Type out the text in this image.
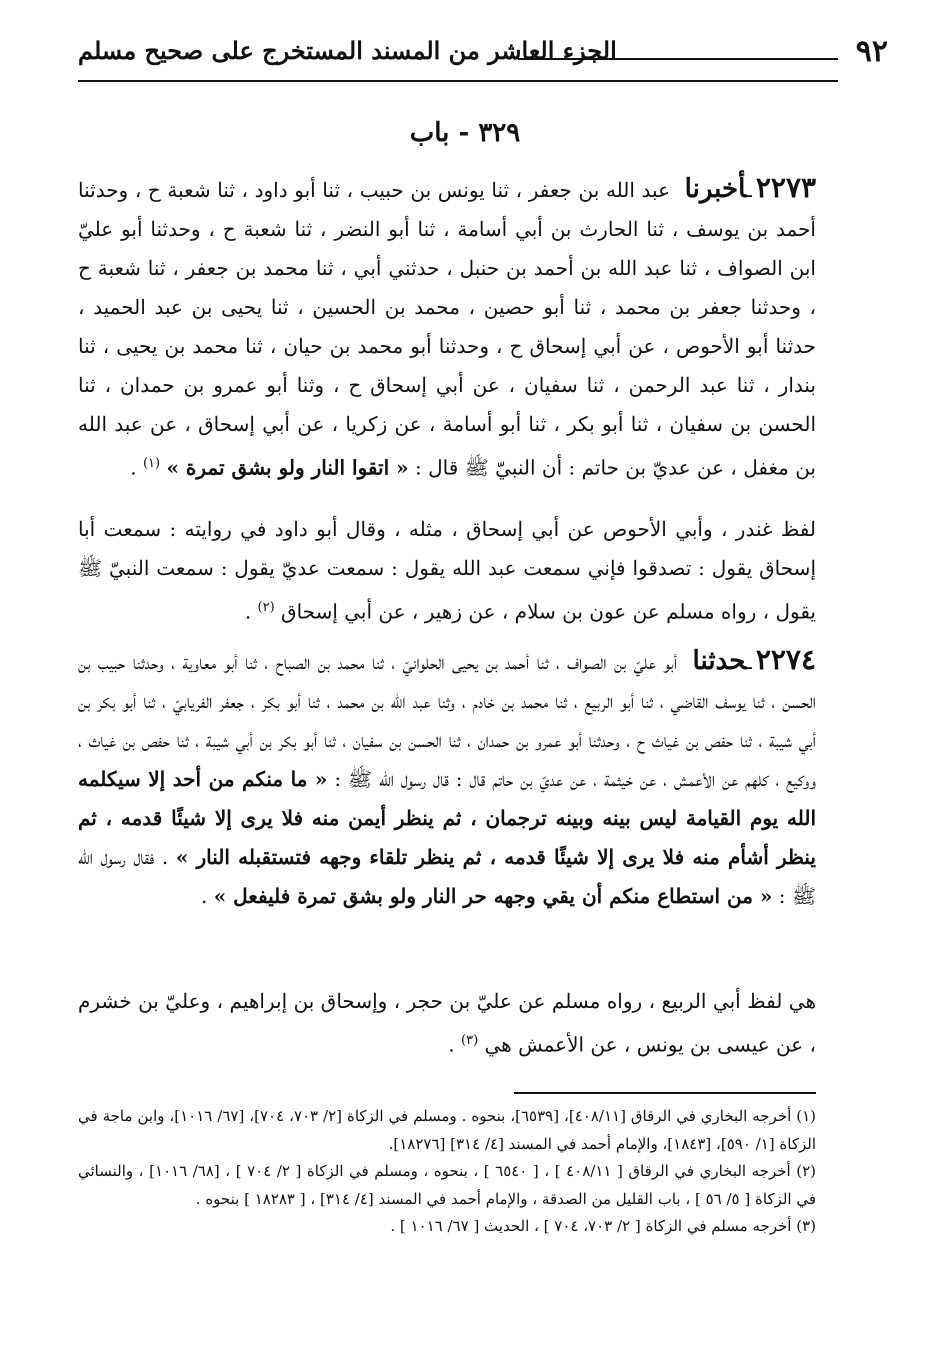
٩٢
الجزء العاشر من المسند المستخرج على صحيح مسلم
٣٢٩ - باب
٢٢٧٣ـأخبرنا عبد الله بن جعفر ، ثنا يونس بن حبيب ، ثنا أبو داود ، ثنا شعبة ح ، وحدثنا أحمد بن يوسف ، ثنا الحارث بن أبي أسامة ، ثنا أبو النضر ، ثنا شعبة ح ، وحدثنا أبو عليّ ابن الصواف ، ثنا عبد الله بن أحمد بن حنبل ، حدثني أبي ، ثنا محمد بن جعفر ، ثنا شعبة ح ، وحدثنا جعفر بن محمد ، ثنا أبو حصين ، محمد بن الحسين ، ثنا يحيى بن عبد الحميد ، حدثنا أبو الأحوص ، عن أبي إسحاق ح ، وحدثنا أبو محمد بن حيان ، ثنا محمد بن يحيى ، ثنا بندار ، ثنا عبد الرحمن ، ثنا سفيان ، عن أبي إسحاق ح ، وثنا أبو عمرو بن حمدان ، ثنا الحسن بن سفيان ، ثنا أبو بكر ، ثنا أبو أسامة ، عن زكريا ، عن أبي إسحاق ، عن عبد الله بن مغفل ، عن عديّ بن حاتم : أن النبيّ ﷺ قال : « اتقوا النار ولو بشق تمرة » $^{(١)}$ .
لفظ غندر ، وأبي الأحوص عن أبي إسحاق ، مثله ، وقال أبو داود في روايته : سمعت أبا إسحاق يقول : تصدقوا فإني سمعت عبد الله يقول : سمعت عديّ يقول : سمعت النبيّ ﷺ يقول ، رواه مسلم عن عون بن سلام ، عن زهير ، عن أبي إسحاق $^{(٢)}$ .
٢٢٧٤ـحدثنا أبو عليّ بن الصواف ، ثنا أحمد بن يحيى الحلوانيّ ، ثنا محمد بن الصباح ، ثنا أبو معاوية ، وحدثنا حبيب بن الحسن ، ثنا يوسف القاضي ، ثنا أبو الربيع ، ثنا محمد بن خادم ، وثنا عبد الله بن محمد ، ثنا أبو بكر ، جعفر الفريابيّ ، ثنا أبو بكر بن أبي شيبة ، ثنا حفص بن غياث ح ، وحدثنا أبو عمرو بن حمدان ، ثنا الحسن بن سفيان ، ثنا أبو بكر بن أبي شيبة ، ثنا حفص بن غياث ، ووكيع ، كلهم عن الأعمش ، عن خيثمة ، عن عديّ بن حاتم قال : قال رسول الله ﷺ : « ما منكم من أحد إلا سيكلمه الله يوم القيامة ليس بينه وبينه ترجمان ، ثم ينظر أيمن منه فلا يرى إلا شيئًا قدمه ، ثم ينظر أشأم منه فلا يرى إلا شيئًا قدمه ، ثم ينظر تلقاء وجهه فتستقبله النار » . فقال رسول الله ﷺ : « من استطاع منكم أن يقي وجهه حر النار ولو بشق تمرة فليفعل » .
هي لفظ أبي الربيع ، رواه مسلم عن عليّ بن حجر ، وإسحاق بن إبراهيم ، وعليّ بن خشرم ، عن عيسى بن يونس ، عن الأعمش هي $^{(٣)}$ .

(١) أخرجه البخاري في الرقاق [٤٠٨/١١]، [٦٥٣٩]، بنحوه . ومسلم في الزكاة [٢/ ٧٠٣، ٧٠٤]، [٦٧/ ١٠١٦]، وابن ماجة في الزكاة [١/ ٥٩٠]، [١٨٤٣]، والإمام أحمد في المسند [٤/ ٣١٤] [١٨٢٧٦].

(٢) أخرجه البخاري في الرقاق [ ٤٠٨/١١ ] ، [ ٦٥٤٠ ] ، بنحوه ، ومسلم في الزكاة [ ٢/ ٧٠٤ ] ، [٦٨/ ١٠١٦] ، والنسائي في الزكاة [ ٥/ ٥٦ ] ، باب القليل من الصدقة ، والإمام أحمد في المسند [٤/ ٣١٤] ، [ ١٨٢٨٣ ] بنحوه .

(٣) أخرجه مسلم في الزكاة [ ٢/ ٧٠٣، ٧٠٤ ] ، الحديث [ ٦٧/ ١٠١٦ ] .
